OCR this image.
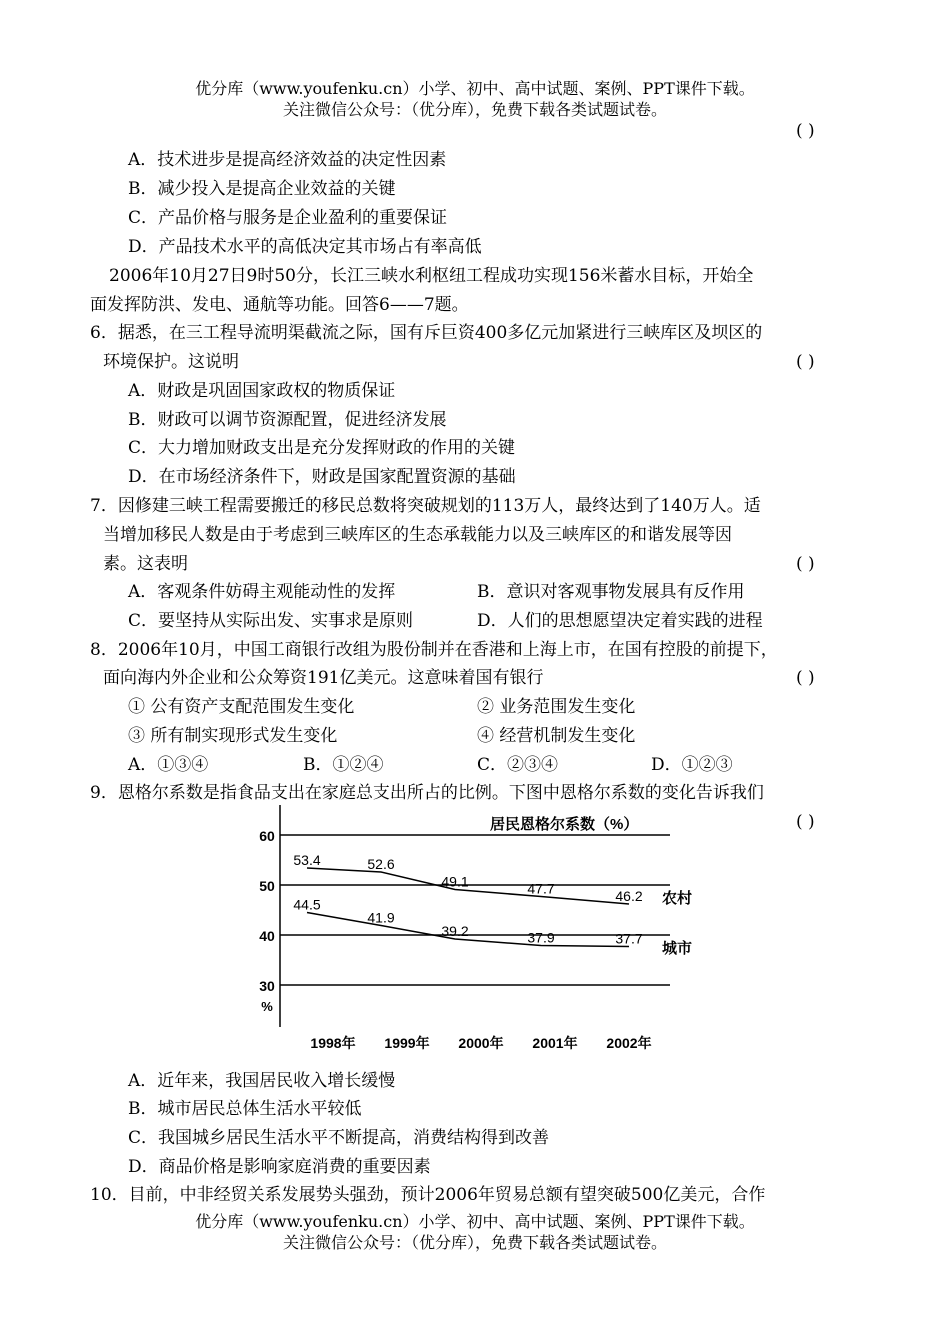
优分库（www.youfenku.cn）小学、初中、高中试题、案例、PPT课件下载。
关注微信公众号：（优分库），免费下载各类试题试卷。
( )
A．技术进步是提高经济效益的决定性因素
B．减少投入是提高企业效益的关键
C．产品价格与服务是企业盈利的重要保证
D．产品技术水平的高低决定其市场占有率高低
2006年10月27日9时50分，长江三峡水利枢纽工程成功实现156米蓄水目标，开始全
面发挥防洪、发电、通航等功能。回答6——7题。
6．据悉，在三工程导流明渠截流之际，国有斥巨资400多亿元加紧进行三峡库区及坝区的
环境保护。这说明	( )
A．财政是巩固国家政权的物质保证
B．财政可以调节资源配置，促进经济发展
C．大力增加财政支出是充分发挥财政的作用的关键
D．在市场经济条件下，财政是国家配置资源的基础
7．因修建三峡工程需要搬迁的移民总数将突破规划的113万人，最终达到了140万人。适
当增加移民人数是由于考虑到三峡库区的生态承载能力以及三峡库区的和谐发展等因
素。这表明	( )
A．客观条件妨碍主观能动性的发挥	B．意识对客观事物发展具有反作用
C．要坚持从实际出发、实事求是原则	D．人们的思想愿望决定着实践的进程
8．2006年10月，中国工商银行改组为股份制并在香港和上海上市，在国有控股的前提下，
面向海内外企业和公众筹资191亿美元。这意味着国有银行	( )
① 公有资产支配范围发生变化	② 业务范围发生变化
③ 所有制实现形式发生变化	④ 经营机制发生变化
A．①③④	B．①②④	C．②③④	D．①②③
9．恩格尔系数是指食品支出在家庭总支出所占的比例。下图中恩格尔系数的变化告诉我们
( )
60
50
40
30
%
居民恩格尔系数（%）
农村
城市
53.4	52.6
49.1	47.7	46.2
44.5
41.9
39.2	37.9	37.7
1998年 1999年 2000年 2001年 2002年
A．近年来，我国居民收入增长缓慢
B．城市居民总体生活水平较低
C．我国城乡居民生活水平不断提高，消费结构得到改善
D．商品价格是影响家庭消费的重要因素
10．目前，中非经贸关系发展势头强劲，预计2006年贸易总额有望突破500亿美元，合作
优分库（www.youfenku.cn）小学、初中、高中试题、案例、PPT课件下载。
关注微信公众号：（优分库），免费下载各类试题试卷。
